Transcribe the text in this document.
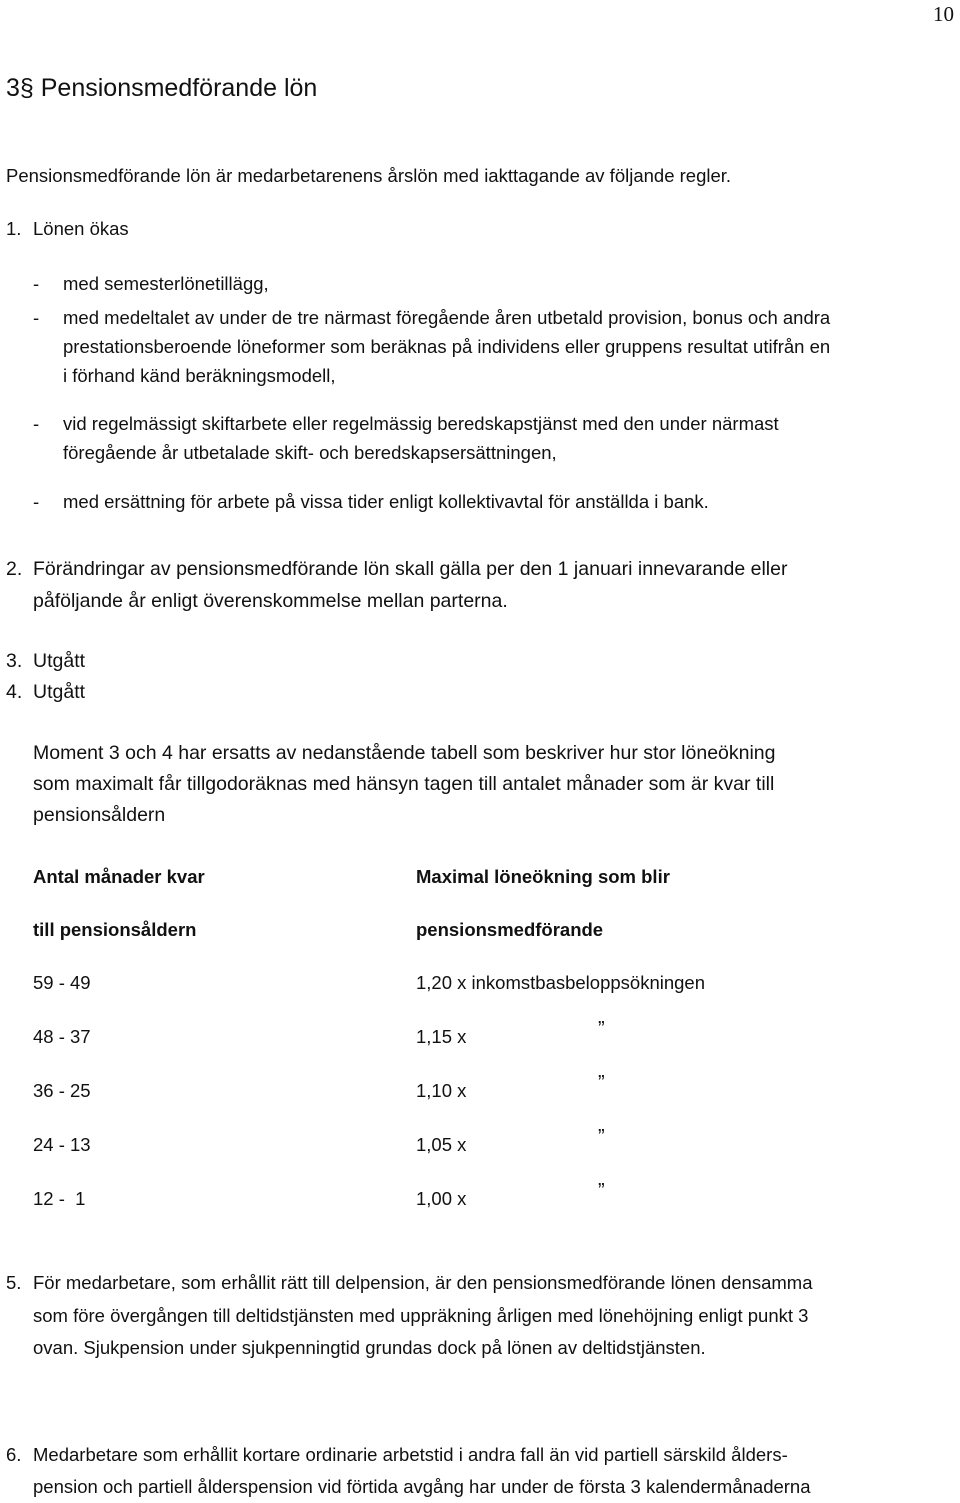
10
3§ Pensionsmedförande lön
Pensionsmedförande lön är medarbetarenens årslön med iakttagande av följande regler.
1. Lönen ökas
- med semesterlönetillägg,
- med medeltalet av under de tre närmast föregående åren utbetald provision, bonus och andra
prestationsberoende löneformer som beräknas på individens eller gruppens resultat utifrån en
i förhand känd beräkningsmodell,
- vid regelmässigt skiftarbete eller regelmässig beredskapstjänst med den under närmast
föregående år utbetalade skift- och beredskapsersättningen,
- med ersättning för arbete på vissa tider enligt kollektivavtal för anställda i bank.
2. Förändringar av pensionsmedförande lön skall gälla per den 1 januari innevarande eller
påföljande år enligt överenskommelse mellan parterna.
3. Utgått
4. Utgått
Moment 3 och 4 har ersatts av nedanstående tabell som beskriver hur stor löneökning
som maximalt får tillgodoräknas med hänsyn tagen till antalet månader som är kvar till
pensionsåldern
Antal månader kvar	Maximal löneökning som blir
till pensionsåldern	pensionsmedförande
59 - 49	1,20 x inkomstbasbeloppsökningen
48 - 37	1,15 x	”
36 - 25	1,10 x	”
24 - 13	1,05 x	”
12 -  1	1,00 x	”
5. För medarbetare, som erhållit rätt till delpension, är den pensionsmedförande lönen densamma
som före övergången till deltidstjänsten med uppräkning årligen med lönehöjning enligt punkt 3
ovan. Sjukpension under sjukpenningtid grundas dock på lönen av deltidstjänsten.
6. Medarbetare som erhållit kortare ordinarie arbetstid i andra fall än vid partiell särskild ålders-
pension och partiell ålderspension vid förtida avgång har under de första 3 kalendermånaderna
